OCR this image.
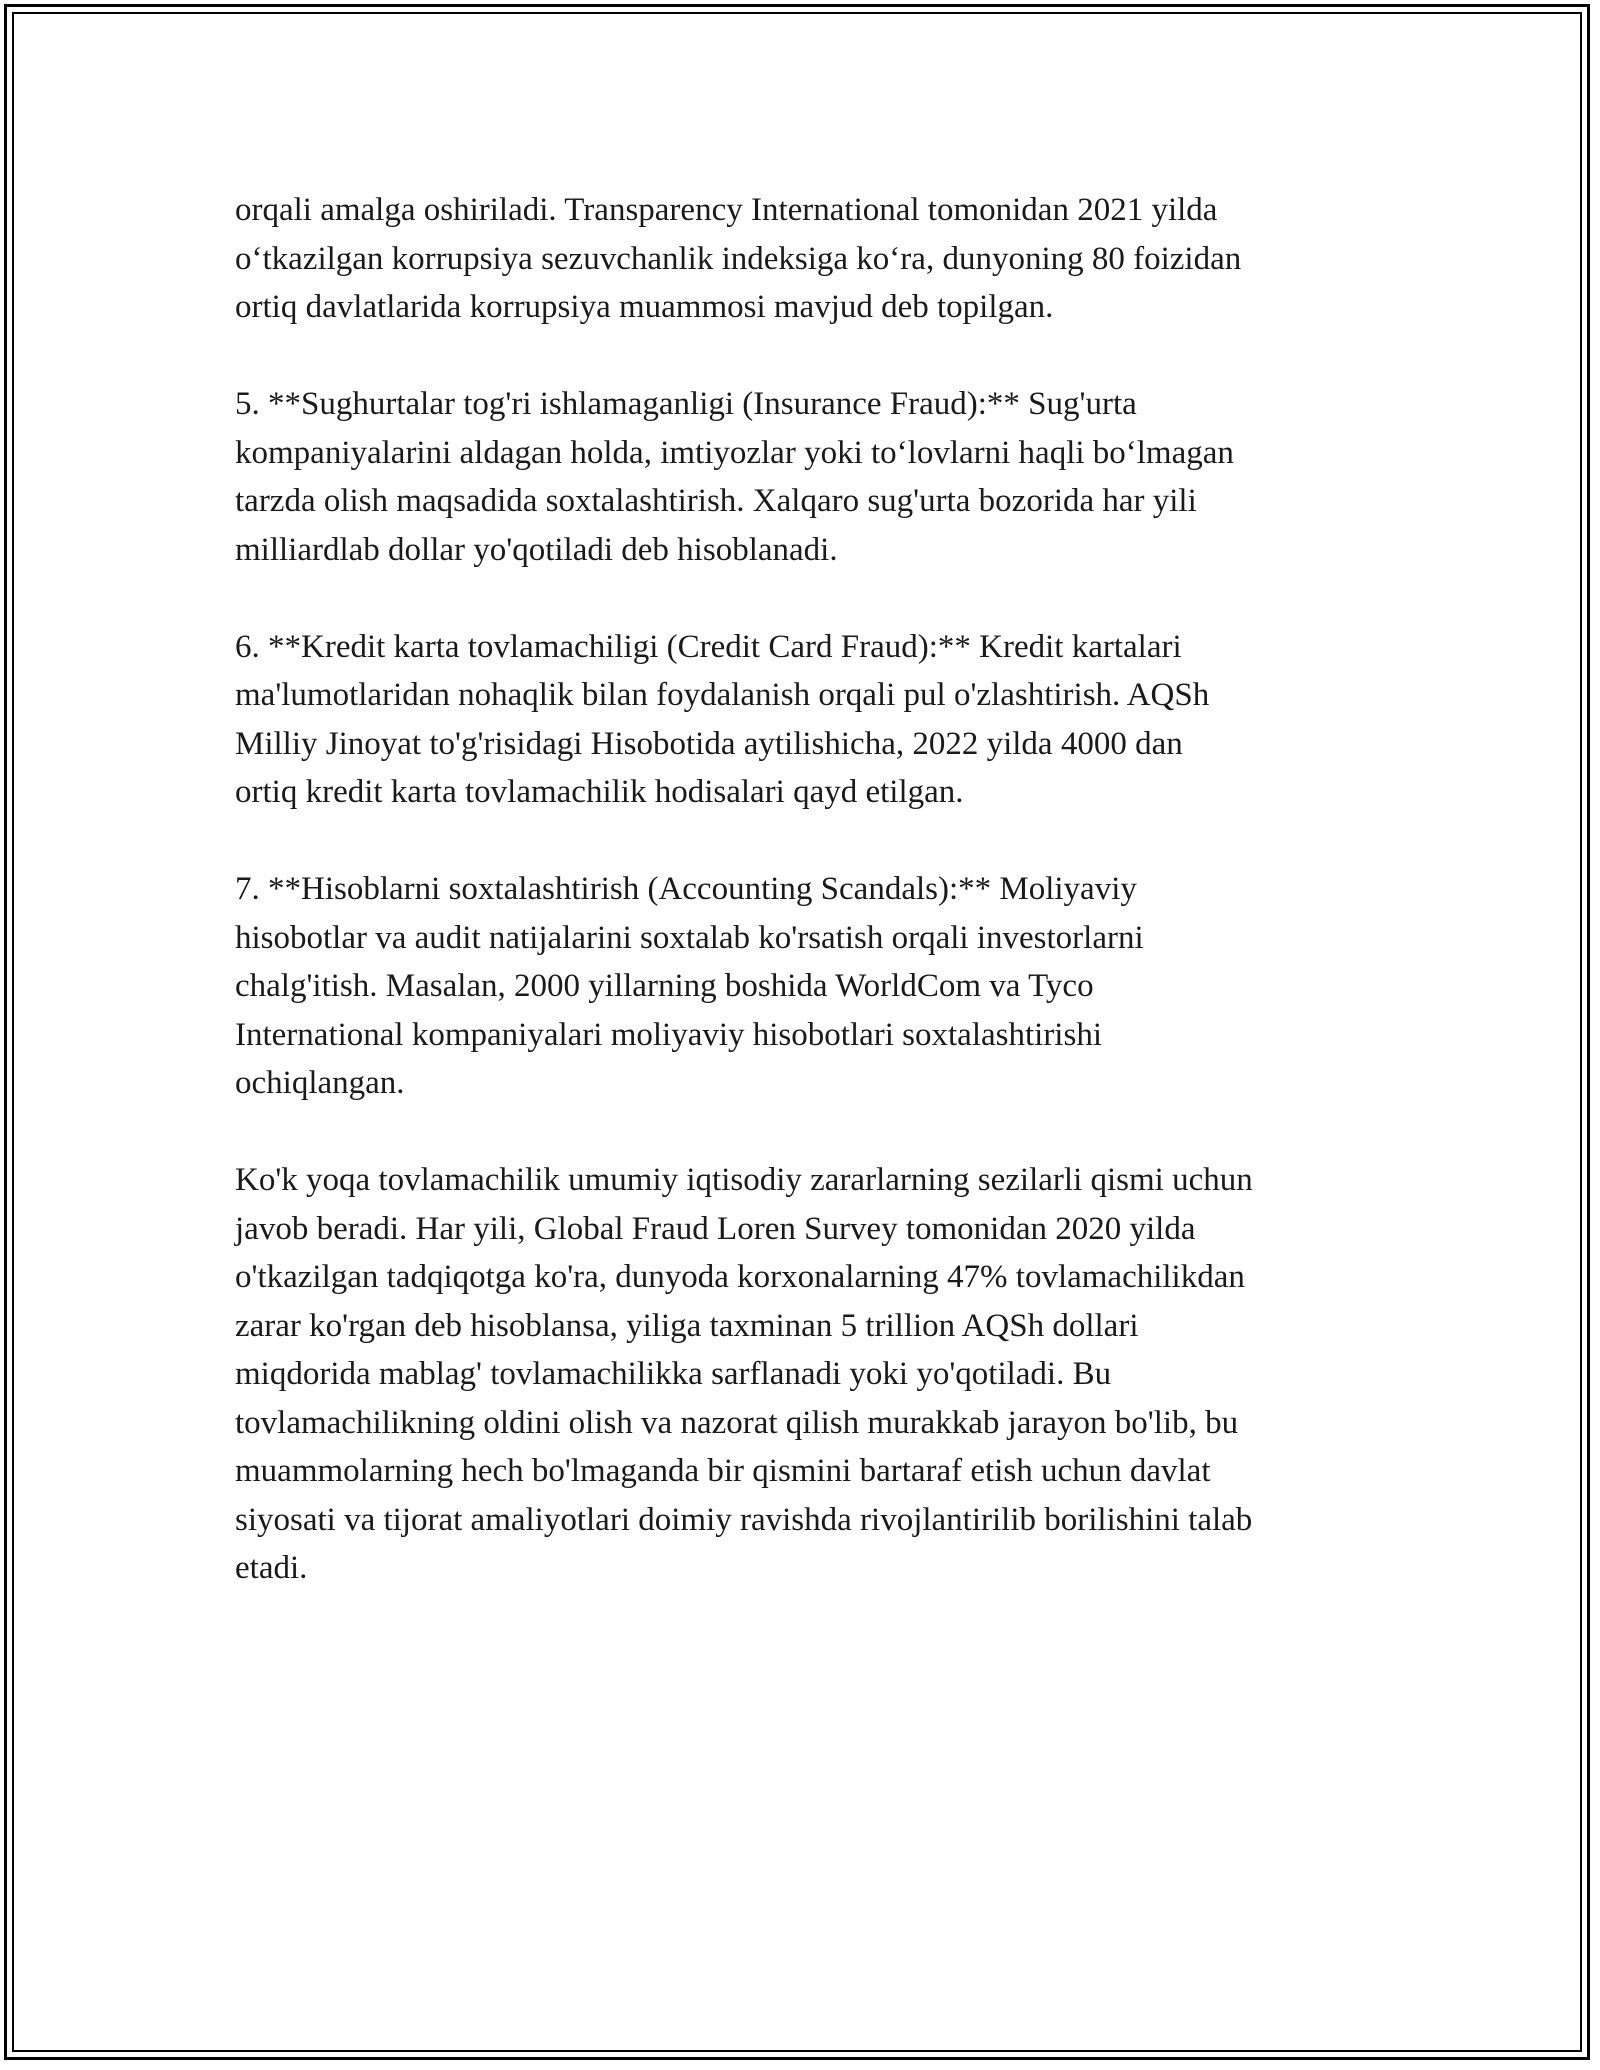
orqali amalga oshiriladi. Transparency International tomonidan 2021 yilda
o‘tkazilgan korrupsiya sezuvchanlik indeksiga ko‘ra, dunyoning 80 foizidan
ortiq davlatlarida korrupsiya muammosi mavjud deb topilgan.

5. **Sughurtalar tog'ri ishlamaganligi (Insurance Fraud):** Sug'urta
kompaniyalarini aldagan holda, imtiyozlar yoki to‘lovlarni haqli bo‘lmagan
tarzda olish maqsadida soxtalashtirish. Xalqaro sug'urta bozorida har yili
milliardlab dollar yo'qotiladi deb hisoblanadi.

6. **Kredit karta tovlamachiligi (Credit Card Fraud):** Kredit kartalari
ma'lumotlaridan nohaqlik bilan foydalanish orqali pul o'zlashtirish. AQSh
Milliy Jinoyat to'g'risidagi Hisobotida aytilishicha, 2022 yilda 4000 dan
ortiq kredit karta tovlamachilik hodisalari qayd etilgan.

7. **Hisoblarni soxtalashtirish (Accounting Scandals):** Moliyaviy
hisobotlar va audit natijalarini soxtalab ko'rsatish orqali investorlarni
chalg'itish. Masalan, 2000 yillarning boshida WorldCom va Tyco
International kompaniyalari moliyaviy hisobotlari soxtalashtirishi
ochiqlangan.

Ko'k yoqa tovlamachilik umumiy iqtisodiy zararlarning sezilarli qismi uchun
javob beradi. Har yili, Global Fraud Loren Survey tomonidan 2020 yilda
o'tkazilgan tadqiqotga ko'ra, dunyoda korxonalarning 47% tovlamachilikdan
zarar ko'rgan deb hisoblansa, yiliga taxminan 5 trillion AQSh dollari
miqdorida mablag' tovlamachilikka sarflanadi yoki yo'qotiladi. Bu
tovlamachilikning oldini olish va nazorat qilish murakkab jarayon bo'lib, bu
muammolarning hech bo'lmaganda bir qismini bartaraf etish uchun davlat
siyosati va tijorat amaliyotlari doimiy ravishda rivojlantirilib borilishini talab
etadi.
